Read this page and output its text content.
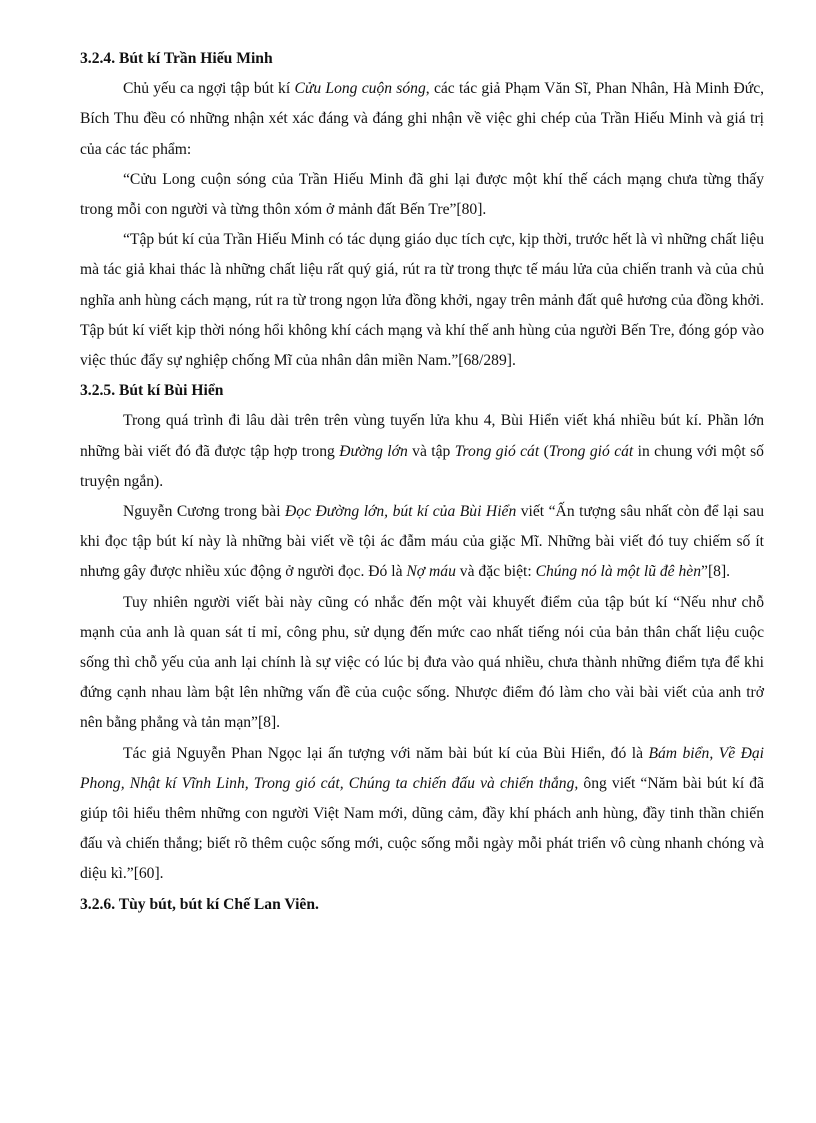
3.2.4. Bút kí Trần Hiếu Minh

Chủ yếu ca ngợi tập bút kí Cửu Long cuộn sóng, các tác giả Phạm Văn Sĩ, Phan Nhân, Hà Minh Đức, Bích Thu đều có những nhận xét xác đáng và đáng ghi nhận về việc ghi chép của Trần Hiếu Minh và giá trị của các tác phẩm:

“Cửu Long cuộn sóng của Trần Hiếu Minh đã ghi lại được một khí thế cách mạng chưa từng thấy trong mỗi con người và từng thôn xóm ở mảnh đất Bến Tre”[80].

“Tập bút kí của Trần Hiếu Minh có tác dụng giáo dục tích cực, kịp thời, trước hết là vì những chất liệu mà tác giả khai thác là những chất liệu rất quý giá, rút ra từ trong thực tế máu lửa của chiến tranh và của chủ nghĩa anh hùng cách mạng, rút ra từ trong ngọn lửa đồng khởi, ngay trên mảnh đất quê hương của đồng khởi. Tập bút kí viết kịp thời nóng hổi không khí cách mạng và khí thế anh hùng của người Bến Tre, đóng góp vào việc thúc đẩy sự nghiệp chống Mĩ của nhân dân miền Nam.”[68/289].

3.2.5. Bút kí Bùi Hiển

Trong quá trình đi lâu dài trên trên vùng tuyến lửa khu 4, Bùi Hiển viết khá nhiều bút kí. Phần lớn những bài viết đó đã được tập hợp trong Đường lớn và tập Trong gió cát (Trong gió cát in chung với một số truyện ngắn).

Nguyễn Cương trong bài Đọc Đường lớn, bút kí của Bùi Hiển viết “Ấn tượng sâu nhất còn để lại sau khi đọc tập bút kí này là những bài viết về tội ác đẫm máu của giặc Mĩ. Những bài viết đó tuy chiếm số ít nhưng gây được nhiều xúc động ở người đọc. Đó là Nợ máu và đặc biệt: Chúng nó là một lũ đê hèn”[8].

Tuy nhiên người viết bài này cũng có nhắc đến một vài khuyết điểm của tập bút kí “Nếu như chỗ mạnh của anh là quan sát tỉ mỉ, công phu, sử dụng đến mức cao nhất tiếng nói của bản thân chất liệu cuộc sống thì chỗ yếu của anh lại chính là sự việc có lúc bị đưa vào quá nhiều, chưa thành những điểm tựa để khi đứng cạnh nhau làm bật lên những vấn đề của cuộc sống. Nhược điểm đó làm cho vài bài viết của anh trở nên bằng phẳng và tản mạn”[8].

Tác giả Nguyễn Phan Ngọc lại ấn tượng với năm bài bút kí của Bùi Hiển, đó là Bám biển, Về Đại Phong, Nhật kí Vĩnh Linh, Trong gió cát, Chúng ta chiến đấu và chiến thắng, ông viết “Năm bài bút kí đã giúp tôi hiểu thêm những con người Việt Nam mới, dũng cảm, đầy khí phách anh hùng, đầy tinh thần chiến đấu và chiến thắng; biết rõ thêm cuộc sống mới, cuộc sống mỗi ngày mỗi phát triển vô cùng nhanh chóng và diệu kì.”[60].

3.2.6. Tùy bút, bút kí Chế Lan Viên.
